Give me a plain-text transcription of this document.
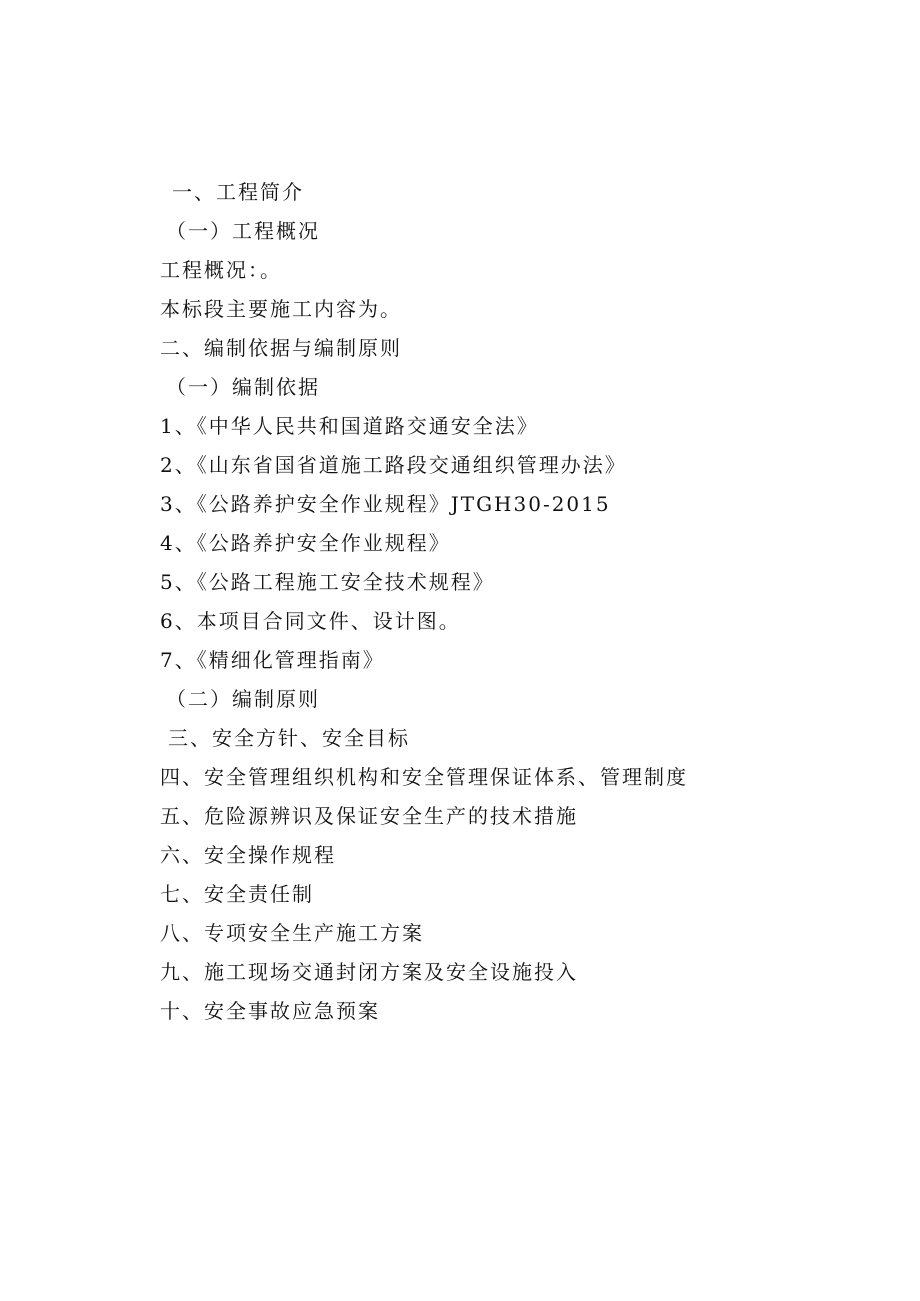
一、工程简介
（一）工程概况
工程概况：。
本标段主要施工内容为。
二、编制依据与编制原则
（一）编制依据
1、《中华人民共和国道路交通安全法》
2、《山东省国省道施工路段交通组织管理办法》
3、《公路养护安全作业规程》JTGH30-2015
4、《公路养护安全作业规程》
5、《公路工程施工安全技术规程》
6、本项目合同文件、设计图。
7、《精细化管理指南》
（二）编制原则
三、安全方针、安全目标
四、安全管理组织机构和安全管理保证体系、管理制度
五、危险源辨识及保证安全生产的技术措施
六、安全操作规程
七、安全责任制
八、专项安全生产施工方案
九、施工现场交通封闭方案及安全设施投入
十、安全事故应急预案
